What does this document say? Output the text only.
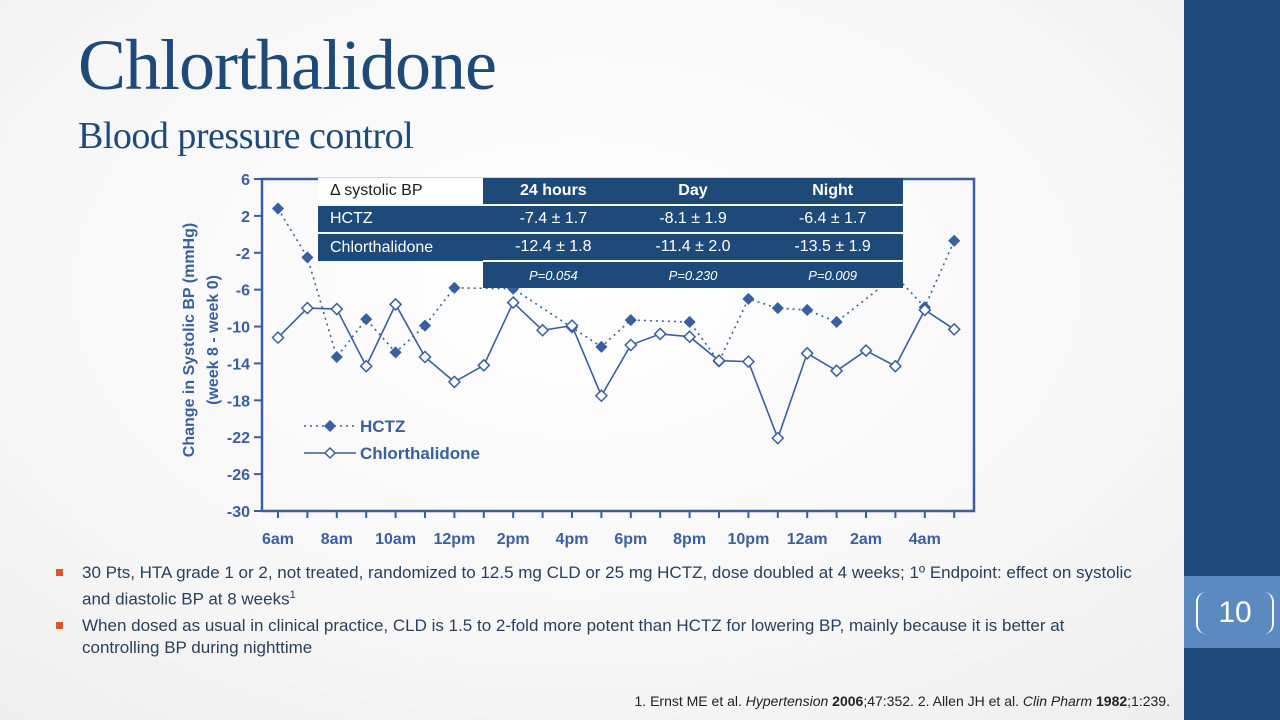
10
Chlorthalidone
Blood pressure control
6
2
-2
-6
-10
-14
-18
-22
-26
-30
6am 8am 10am 12pm 2pm 4pm 6pm 8pm 10pm 12am 2am 4am
Change in Systolic BP (mmHg) (week 8 - week 0)
HCTZ
Chlorthalidone
Δ systolic BP	24 hours	Day	Night
HCTZ	-7.4 ± 1.7	-8.1 ± 1.9	-6.4 ± 1.7
Chlorthalidone	-12.4 ± 1.8	-11.4 ± 2.0	-13.5 ± 1.9
	P=0.054	P=0.230	P=0.009
30 Pts, HTA grade 1 or 2, not treated, randomized to 12.5 mg CLD or 25 mg HCTZ, dose doubled at 4 weeks; 1º Endpoint: effect on systolic and diastolic BP at 8 weeks$^1$
When dosed as usual in clinical practice, CLD is 1.5 to 2-fold more potent than HCTZ for lowering BP, mainly because it is better at controlling BP during nighttime
1. Ernst ME et al. Hypertension 2006;47:352. 2. Allen JH et al. Clin Pharm 1982;1:239.
